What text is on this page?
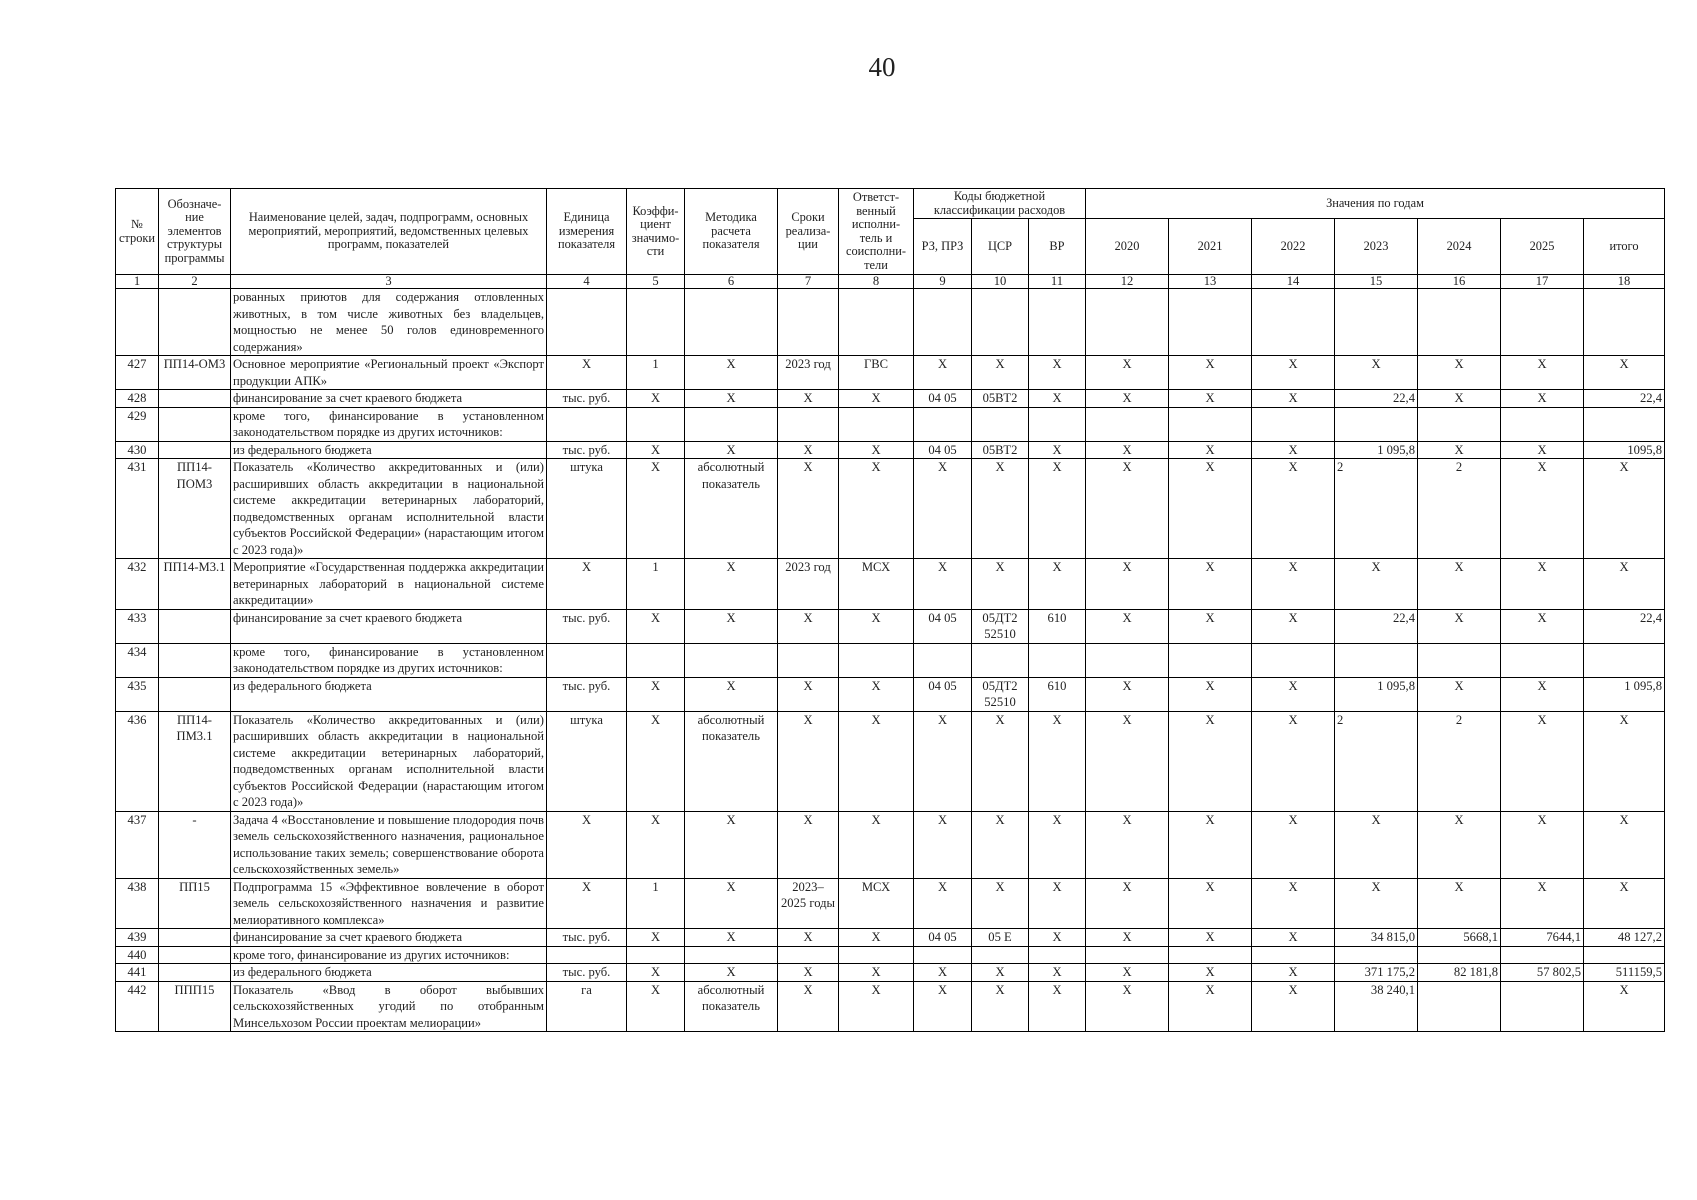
40
№ строки	Обозначе-ние элементов структуры программы	Наименование целей, задач, подпрограмм, основных мероприятий, мероприятий, ведомственных целевых программ, показателей	Единица измерения показателя	Коэффи-циент значимо-сти	Методика расчета показателя	Сроки реализа-ции	Ответст-венный исполни-тель и соисполни-тели	Коды бюджетной классификации расходов			Значения по годам						
								РЗ, ПРЗ	ЦСР	ВР	2020	2021	2022	2023	2024	2025	итого
1	2	3	4	5	6	7	8	9	10	11	12	13	14	15	16	17	18
		рованных приютов для содержания отловленных животных, в том числе животных без владельцев, мощностью не менее 50 голов единовременного содержания»															
427	ПП14-ОМ3	Основное мероприятие «Региональный проект «Экспорт продукции АПК»	Х	1	Х	2023 год	ГВС	Х	Х	Х	Х	Х	Х	Х	Х	Х	Х
428		финансирование за счет краевого бюджета	тыс. руб.	Х	Х	Х	Х	04 05	05ВТ2	Х	Х	Х	Х	22,4	Х	Х	22,4
429		кроме того, финансирование в установленном законодательством порядке из других источников:															
430		из федерального бюджета	тыс. руб.	Х	Х	Х	Х	04 05	05ВТ2	Х	Х	Х	Х	1 095,8	Х	Х	1095,8
431	ПП14-ПОМ3	Показатель «Количество аккредитованных и (или) расширивших область аккредитации в национальной системе аккредитации ветеринарных лабораторий, подведомственных органам исполнительной власти субъектов Российской Федерации» (нарастающим итогом с 2023 года)»	штука	Х	абсолютный показатель	Х	Х	Х	Х	Х	Х	Х	Х	2	2	Х	Х
432	ПП14-М3.1	Мероприятие «Государственная поддержка аккредитации ветеринарных лабораторий в национальной системе аккредитации»	Х	1	Х	2023 год	МСХ	Х	Х	Х	Х	Х	Х	Х	Х	Х	Х
433		финансирование за счет краевого бюджета	тыс. руб.	Х	Х	Х	Х	04 05	05ДТ2 52510	610	Х	Х	Х	22,4	Х	Х	22,4
434		кроме того, финансирование в установленном законодательством порядке из других источников:															
435		из федерального бюджета	тыс. руб.	Х	Х	Х	Х	04 05	05ДТ2 52510	610	Х	Х	Х	1 095,8	Х	Х	1 095,8
436	ПП14-ПМ3.1	Показатель «Количество аккредитованных и (или) расширивших область аккредитации в национальной системе аккредитации ветеринарных лабораторий, подведомственных органам исполнительной власти субъектов Российской Федерации (нарастающим итогом с 2023 года)»	штука	Х	абсолютный показатель	Х	Х	Х	Х	Х	Х	Х	Х	2	2	Х	Х
437	-	Задача 4 «Восстановление и повышение плодородия почв земель сельскохозяйственного назначения, рациональное использование таких земель; совершенствование оборота сельскохозяйственных земель»	Х	Х	Х	Х	Х	Х	Х	Х	Х	Х	Х	Х	Х	Х	Х
438	ПП15	Подпрограмма 15 «Эффективное вовлечение в оборот земель сельскохозяйственного назначения и развитие мелиоративного комплекса»	Х	1	Х	2023–2025 годы	МСХ	Х	Х	Х	Х	Х	Х	Х	Х	Х	Х
439		финансирование за счет краевого бюджета	тыс. руб.	Х	Х	Х	Х	04 05	05 Е	Х	Х	Х	Х	34 815,0	5668,1	7644,1	48 127,2
440		кроме того, финансирование из других источников:															
441		из федерального бюджета	тыс. руб.	Х	Х	Х	Х	Х	Х	Х	Х	Х	Х	371 175,2	82 181,8	57 802,5	511159,5
442	ППП15	Показатель «Ввод в оборот выбывших сельскохозяйственных угодий по отобранным Минсельхозом России проектам мелиорации»	га	Х	абсолютный показатель	Х	Х	Х	Х	Х	Х	Х	Х	38 240,1			Х
